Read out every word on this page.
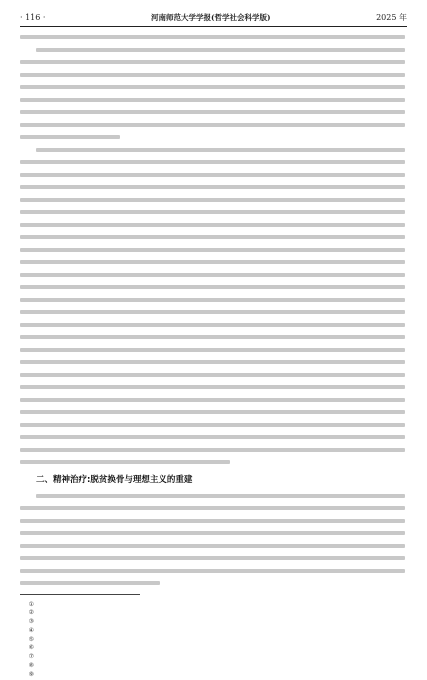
· 116 ·	河南师范大学学报(哲学社会科学版)	2025 年
二、精神治疗:脱贫换骨与理想主义的重建
①
②
③
④
⑤
⑥
⑦
⑧
⑨
